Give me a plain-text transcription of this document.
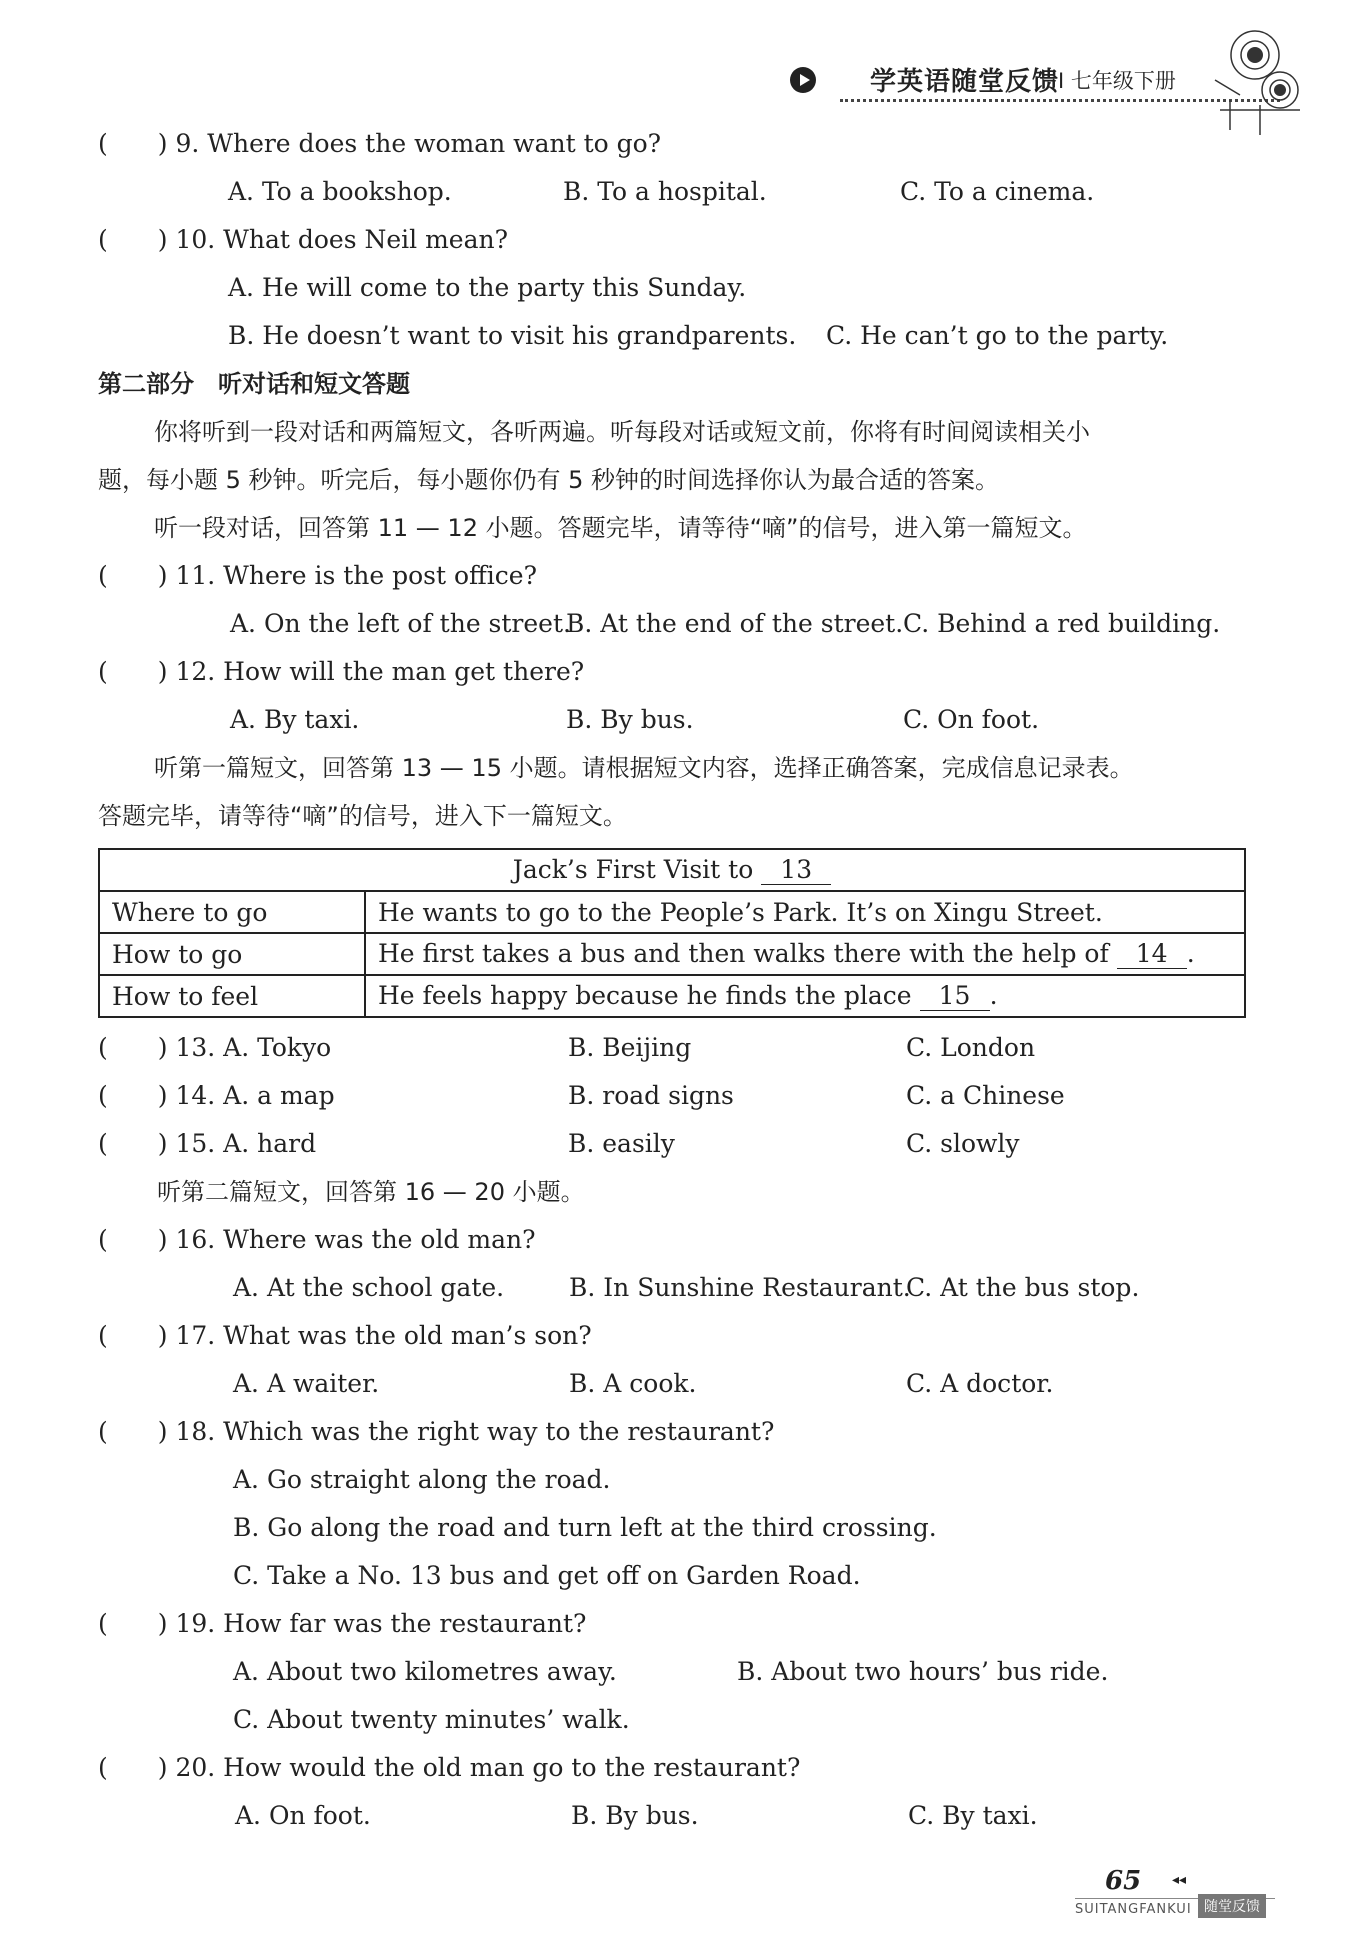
学英语随堂反馈
I 七年级下册
(　　) 9. Where does the woman want to go?
A. To a bookshop.	B. To a hospital.	C. To a cinema.
(　　) 10. What does Neil mean?
A. He will come to the party this Sunday.
B. He doesn’t want to visit his grandparents. C. He can’t go to the party.
第二部分　听对话和短文答题
你将听到一段对话和两篇短文，各听两遍。听每段对话或短文前，你将有时间阅读相关小
题，每小题 5 秒钟。听完后，每小题你仍有 5 秒钟的时间选择你认为最合适的答案。
听一段对话，回答第 11 — 12 小题。答题完毕，请等待“嘀”的信号，进入第一篇短文。
(　　) 11. Where is the post office?
A. On the left of the street.
B. At the end of the street. C. Behind a red building.
(　　) 12. How will the man get there?
A. By taxi.	B. By bus.	C. On foot.
听第一篇短文，回答第 13 — 15 小题。请根据短文内容，选择正确答案，完成信息记录表。
答题完毕，请等待“嘀”的信号，进入下一篇短文。
Jack’s First Visit to 13	
Where to go	He wants to go to the People’s Park. It’s on Xingu Street.
How to go	He first takes a bus and then walks there with the help of 14 .
How to feel	He feels happy because he finds the place 15 .
(　　) 13. A. Tokyo	B. Beijing	C. London
(　　) 14. A. a map	B. road signs	C. a Chinese
(　　) 15. A. hard	B. easily	C. slowly
听第二篇短文，回答第 16 — 20 小题。
(　　) 16. Where was the old man?
A. At the school gate.	B. In Sunshine Restaurant.
C. At the bus stop.
(　　) 17. What was the old man’s son?
A. A waiter.	B. A cook.	C. A doctor.
(　　) 18. Which was the right way to the restaurant?
A. Go straight along the road.
B. Go along the road and turn left at the third crossing.
C. Take a No. 13 bus and get off on Garden Road.
(　　) 19. How far was the restaurant?
A. About two kilometres away.	B. About two hours’ bus ride.
C. About twenty minutes’ walk.
(　　) 20. How would the old man go to the restaurant?
A. On foot.	B. By bus.	C. By taxi.
65 ◂◂
SUITANGFANKUI 随堂反馈
